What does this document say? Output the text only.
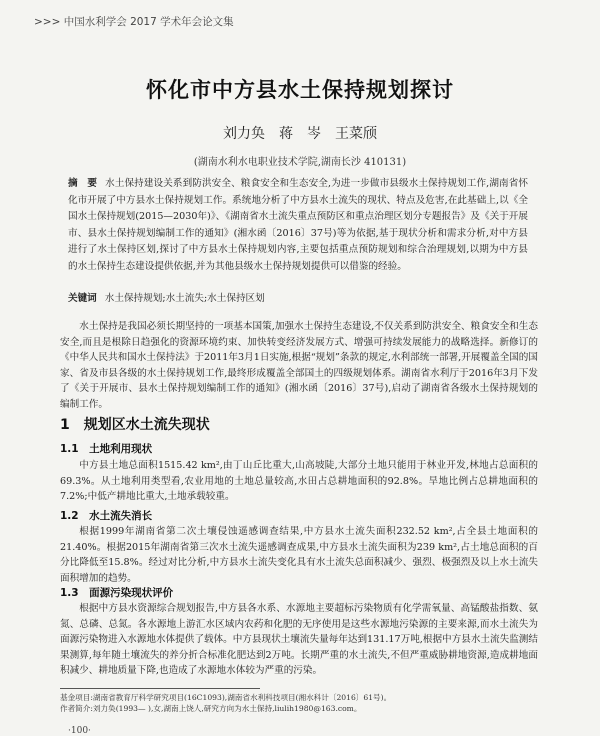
>>> 中国水利学会 2017 学术年会论文集
怀化市中方县水土保持规划探讨
刘力奂　蒋　岑　王菜颀
(湖南水利水电职业技术学院,湖南长沙 410131)
摘　要 水土保持建设关系到防洪安全、粮食安全和生态安全,为进一步做市县级水土保持规划工作,湖南省怀化市开展了中方县水土保持规划工作。系统地分析了中方县水土流失的现状、特点及危害,在此基础上,以《全国水土保持规划(2015—2030年)》、《湖南省水土流失重点预防区和重点治理区划分专题报告》及《关于开展市、县水土保持规划编制工作的通知》(湘水函〔2016〕37号)等为依据,基于现状分析和需求分析,对中方县进行了水土保持区划,探讨了中方县水土保持规划内容,主要包括重点预防规划和综合治理规划,以期为中方县的水土保持生态建设提供依据,并为其他县级水土保持规划提供可以借鉴的经验。
关键词 水土保持规划;水土流失;水土保持区划
水土保持是我国必须长期坚持的一项基本国策,加强水土保持生态建设,不仅关系到防洪安全、粮食安全和生态安全,而且是根除日趋强化的资源环境约束、加快转变经济发展方式、增强可持续发展能力的战略选择。新修订的《中华人民共和国水土保持法》于2011年3月1日实施,根据“规划”条款的规定,水利部统一部署,开展覆盖全国的国家、省及市县各级的水土保持规划工作,最终形成覆盖全部国土的四级规划体系。湖南省水利厅于2016年3月下发了《关于开展市、县水土保持规划编制工作的通知》(湘水函〔2016〕37号),启动了湖南省各级水土保持规划的编制工作。
1　规划区水土流失现状
1.1　土地利用现状
中方县土地总面积1515.42 km²,由丁山丘比重大,山高坡陡,大部分土地只能用于林业开发,林地占总面积的69.3%。从土地利用类型看,农业用地的土地总量较高,水田占总耕地面积的92.8%。旱地比例占总耕地面积的7.2%;中低产耕地比重大,土地承载较重。
1.2　水土流失消长
根据1999年湖南省第二次土壤侵蚀遥感调查结果,中方县水土流失面积232.52 km²,占全县土地面积的21.40%。根据2015年湖南省第三次水土流失遥感调查成果,中方县水土流失面积为239 km²,占土地总面积的百分比降低至15.8%。经过对比分析,中方县水土流失变化具有水土流失总面积减少、强烈、极强烈及以上水土流失面积增加的趋势。
1.3　面源污染现状评价
根据中方县水资源综合规划报告,中方县各水系、水源地主要超标污染物质有化学需氧量、高锰酸盐指数、氨氮、总磷、总氮。各水源地上游汇水区域内农药和化肥的无序使用是这些水源地污染源的主要来源,而水土流失为面源污染物进入水源地水体提供了载体。中方县现状土壤流失量每年达到131.17万吨,根据中方县水土流失监测结果测算,每年随土壤流失的养分折合标准化肥达到2万吨。长期严重的水土流失,不但严重威胁耕地资源,造成耕地面积减少、耕地质量下降,也造成了水源地水体较为严重的污染。
基金项目:湖南省教育厅科学研究项目(16C1093),湖南省水利科技项目(湘水科计〔2016〕61号)。
作者简介:刘力奂(1993— ),女,湖南上饶人,研究方向为水土保持,liulih1980@163.com。
·100·
